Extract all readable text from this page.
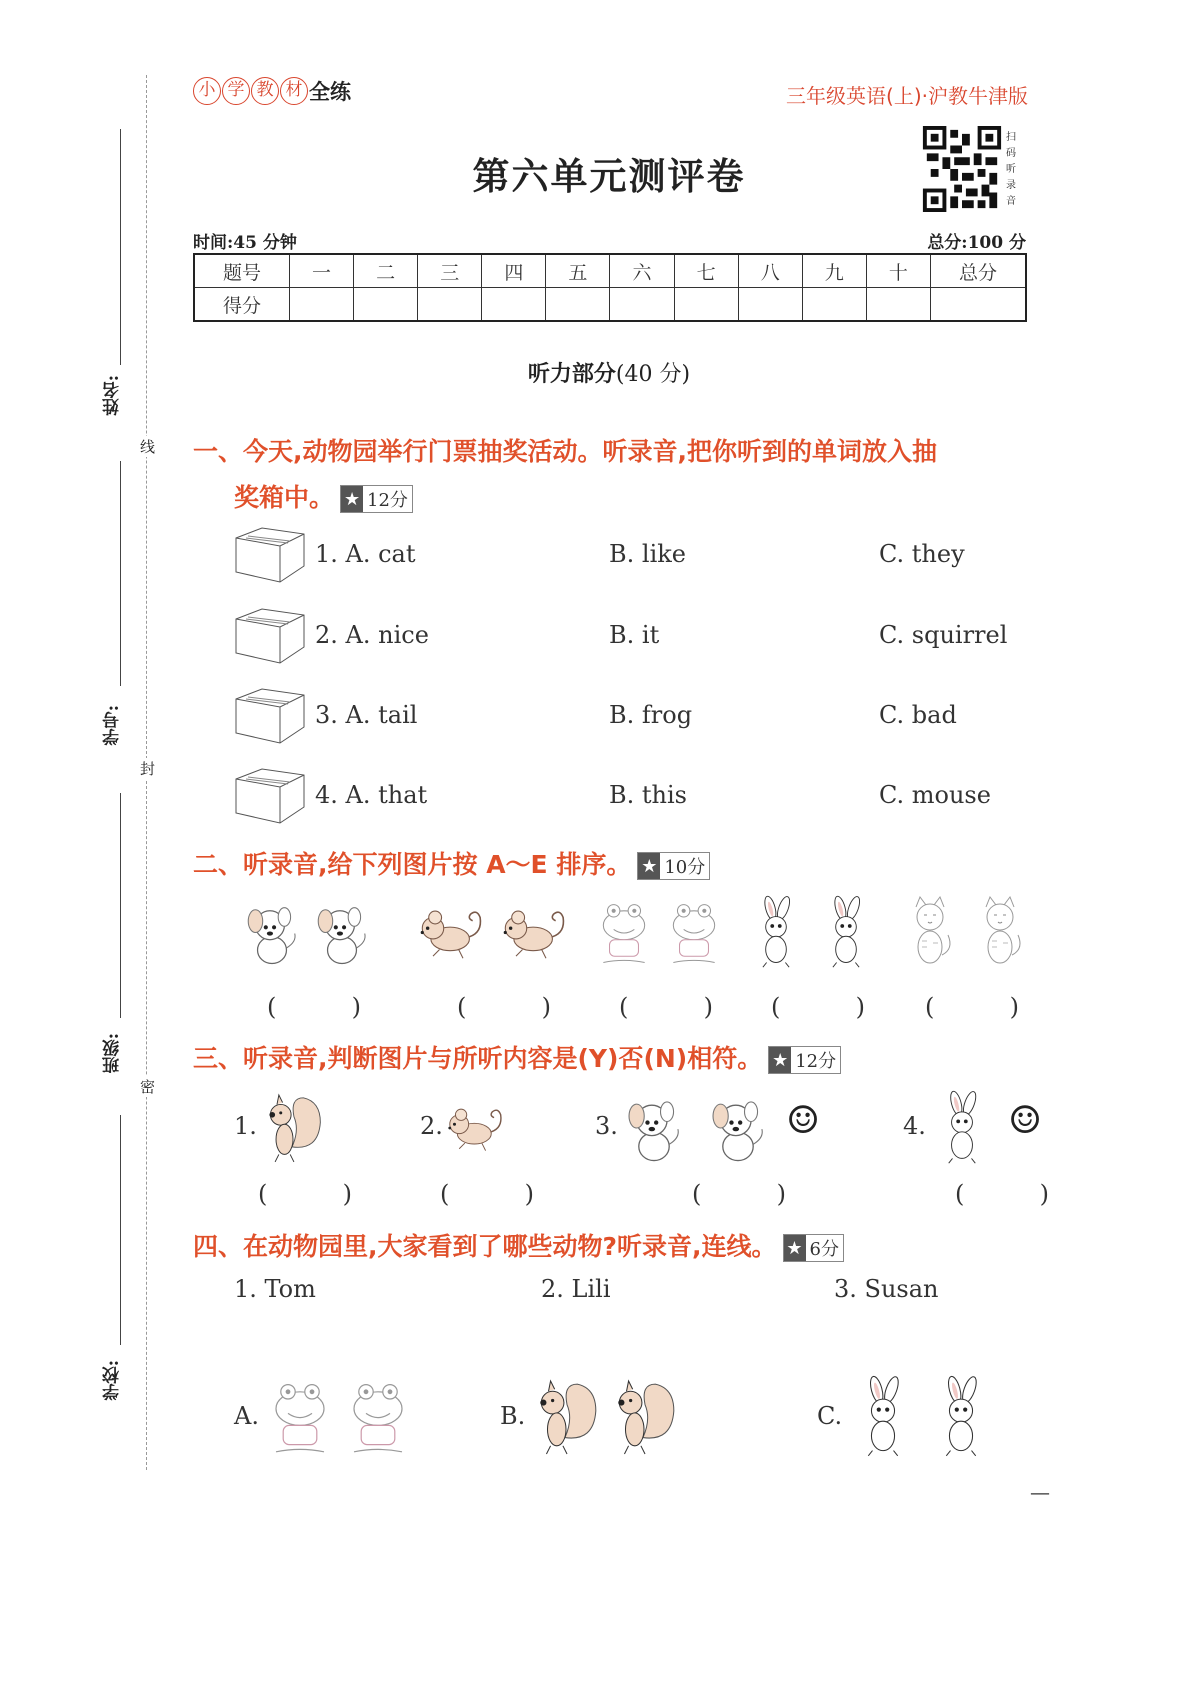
姓名:
学号:
班级:
学校:
线
封
密
小 学 教 材 全练	三年级英语(上)·沪教牛津版
扫码听录音
第六单元测评卷
时间:45 分钟	总分:100 分
题号	一	二	三	四	五	六	七	八	九	十	总分
得分											
听力部分(40 分)
一、今天,动物园举行门票抽奖活动。听录音,把你听到的单词放入抽
奖箱中。 ★ 12分
1. A. cat	B. like	C. they
2. A. nice	B. it	C. squirrel
3. A. tail	B. frog	C. bad
4. A. that	B. this	C. mouse
二、听录音,给下列图片按 A～E 排序。 ★ 10分
(  )	(  )	(  ) (  )	(  )
三、听录音,判断图片与所听内容是(Y)否(N)相符。 ★ 12分
1.
(  )
2.
(  )
3.	☺
(  )
4. ☺
(  )
四、在动物园里,大家看到了哪些动物?听录音,连线。 ★ 6分
1. Tom	2. Lili	3. Susan
A.	B.	C.
—
